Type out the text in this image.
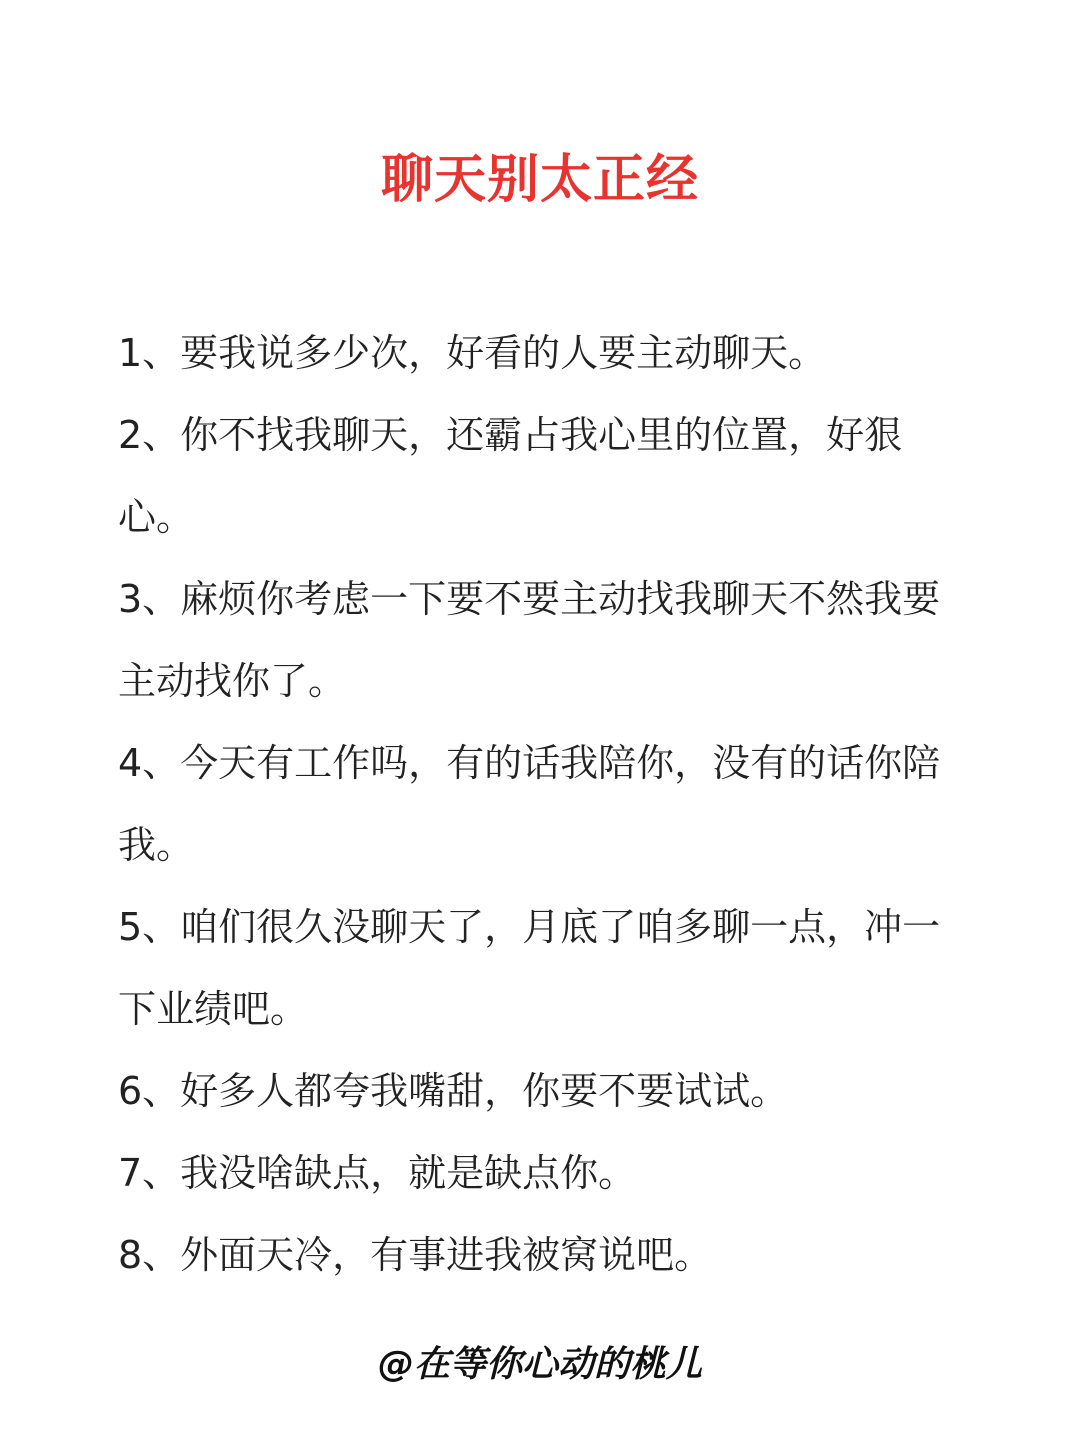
聊天别太正经
1、要我说多少次，好看的人要主动聊天。
2、你不找我聊天，还霸占我心里的位置，好狠心。
3、麻烦你考虑一下要不要主动找我聊天不然我要主动找你了。
4、今天有工作吗，有的话我陪你，没有的话你陪我。
5、咱们很久没聊天了，月底了咱多聊一点，冲一下业绩吧。
6、好多人都夸我嘴甜，你要不要试试。
7、我没啥缺点，就是缺点你。
8、外面天冷，有事进我被窝说吧。
@在等你心动的桃儿
